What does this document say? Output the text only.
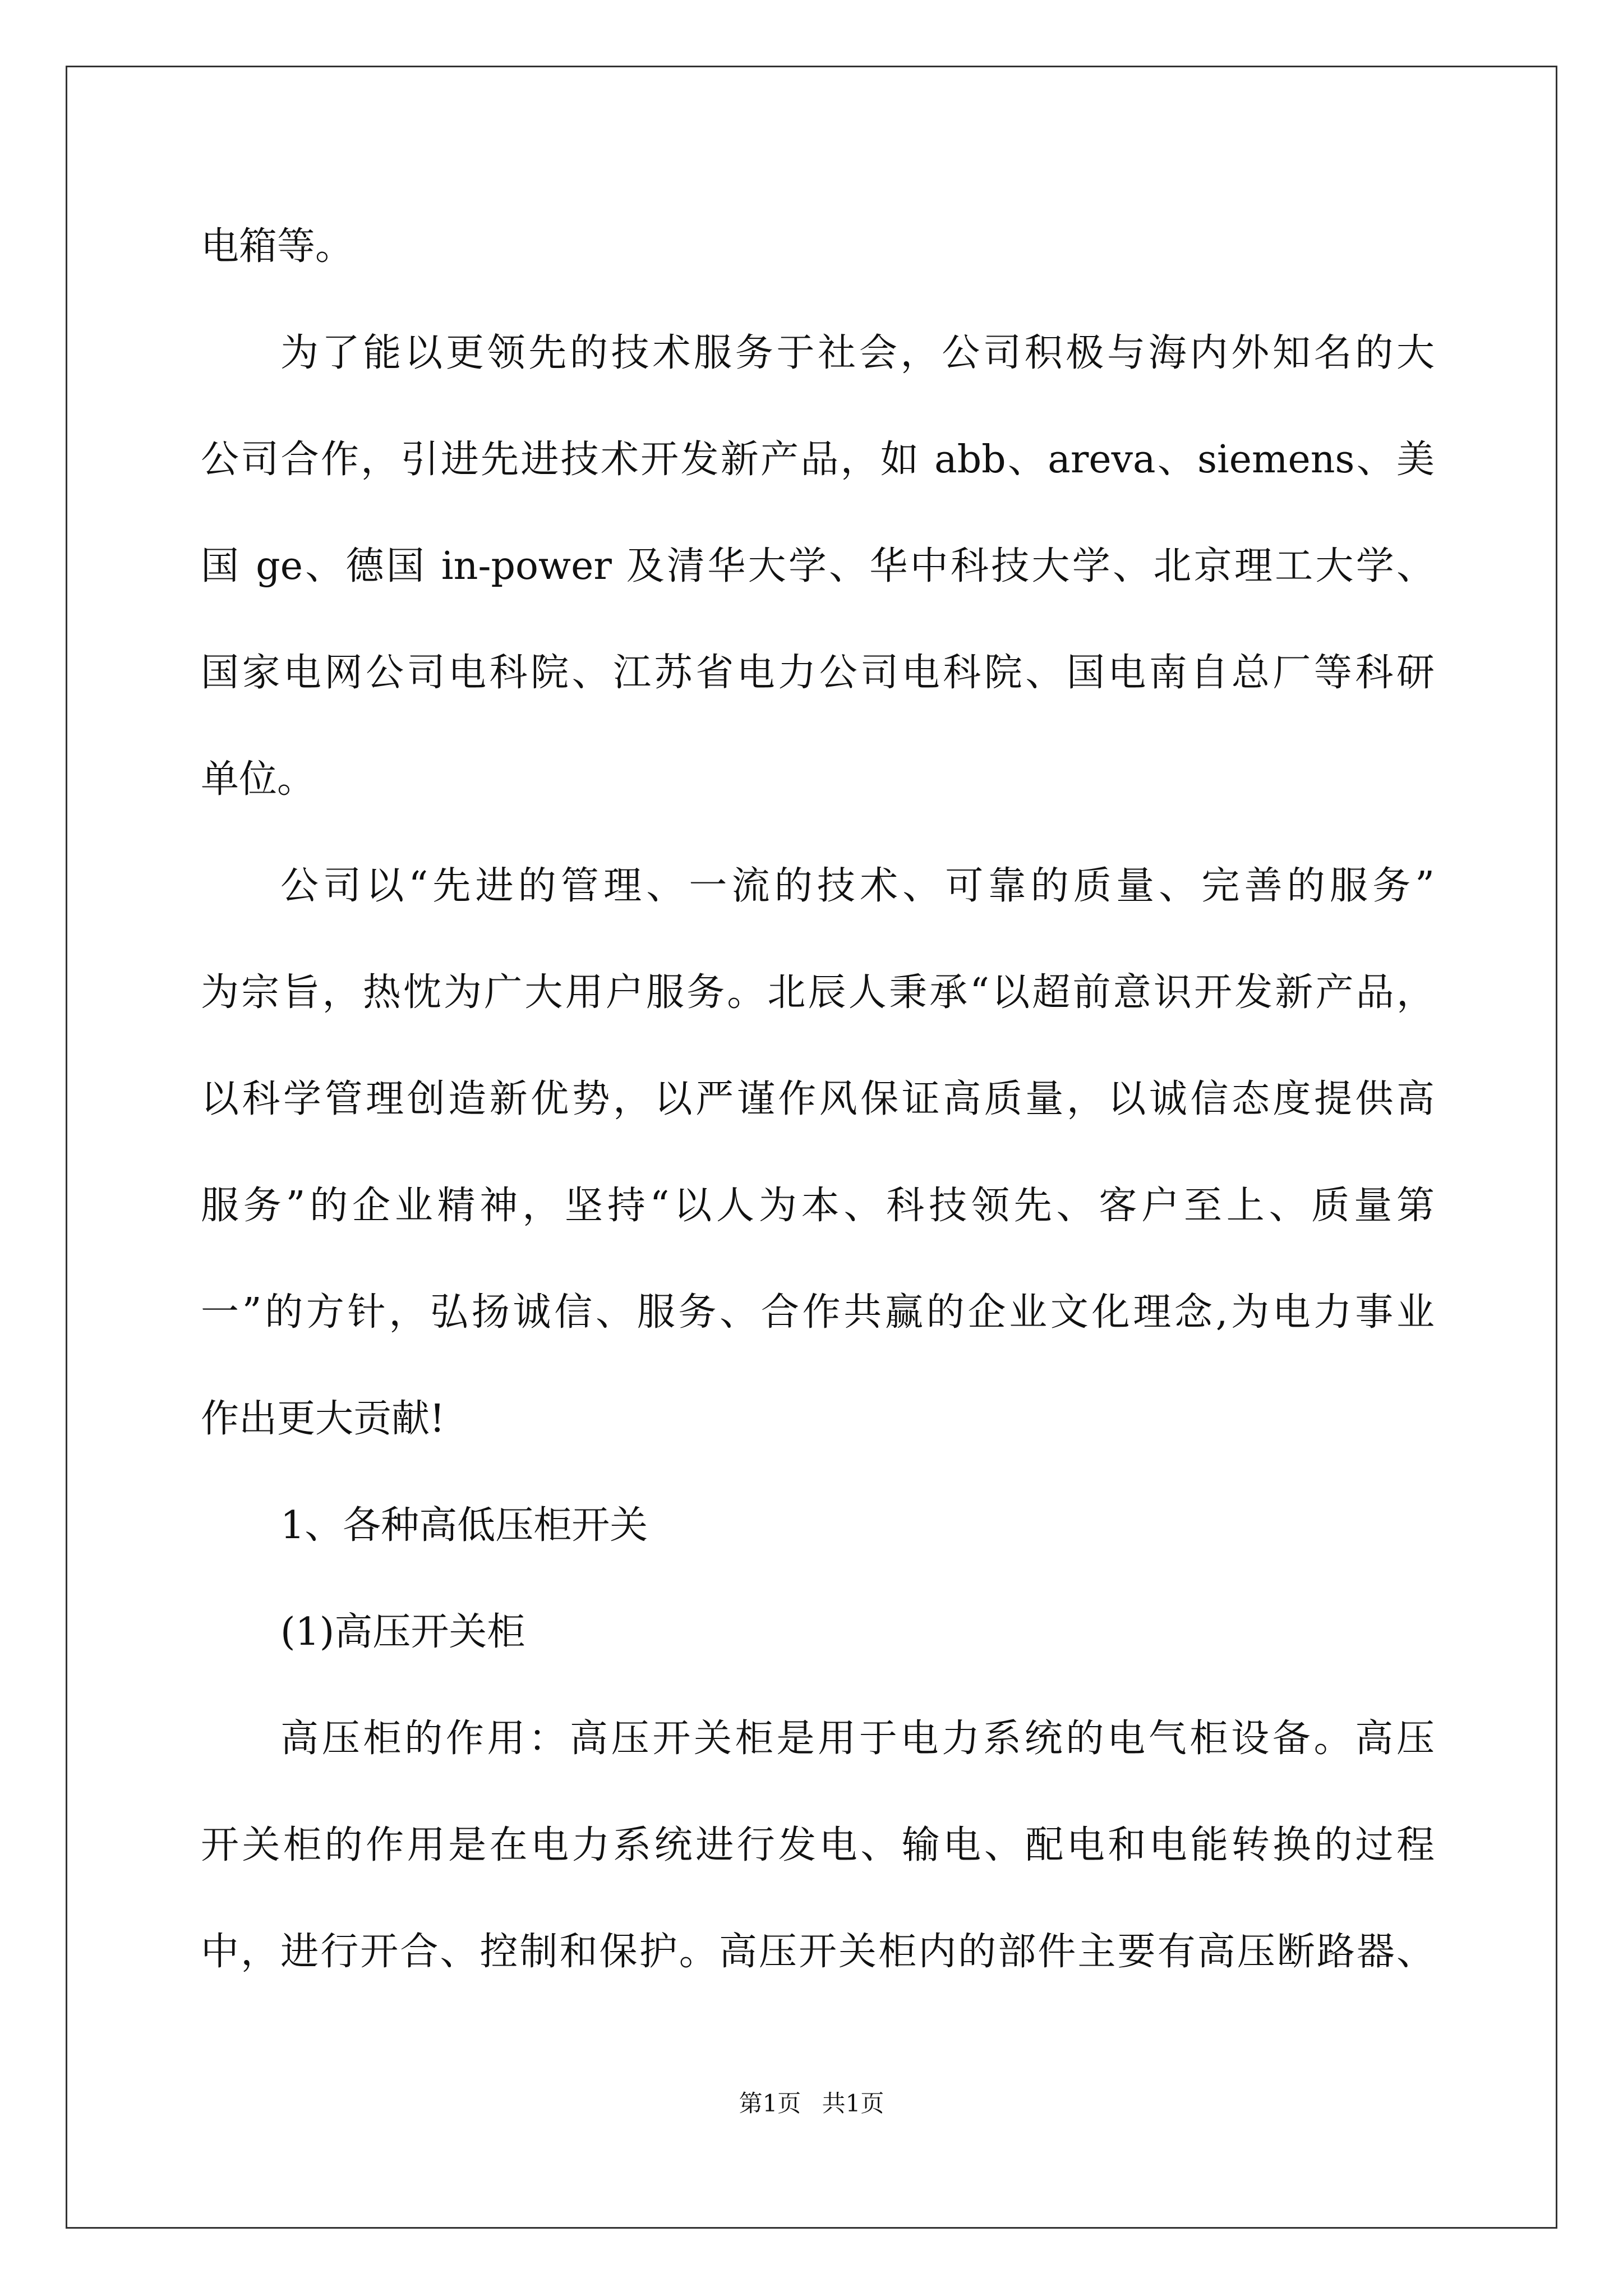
电箱等。
为了能以更领先的技术服务于社会，公司积极与海内外知名的大
公司合作，引进先进技术开发新产品，如 abb、areva、siemens、美
国 ge、德国 in-power 及清华大学、华中科技大学、北京理工大学、
国家电网公司电科院、江苏省电力公司电科院、国电南自总厂等科研
单位。
公司以“先进的管理、一流的技术、可靠的质量、完善的服务”
为宗旨，热忱为广大用户服务。北辰人秉承“以超前意识开发新产品，
以科学管理创造新优势，以严谨作风保证高质量，以诚信态度提供高
服务”的企业精神，坚持“以人为本、科技领先、客户至上、质量第
一”的方针，弘扬诚信、服务、合作共赢的企业文化理念,为电力事业
作出更大贡献!
1、各种高低压柜开关
(1)高压开关柜
高压柜的作用：高压开关柜是用于电力系统的电气柜设备。高压
开关柜的作用是在电力系统进行发电、输电、配电和电能转换的过程
中，进行开合、控制和保护。高压开关柜内的部件主要有高压断路器、
第1页 共1页
